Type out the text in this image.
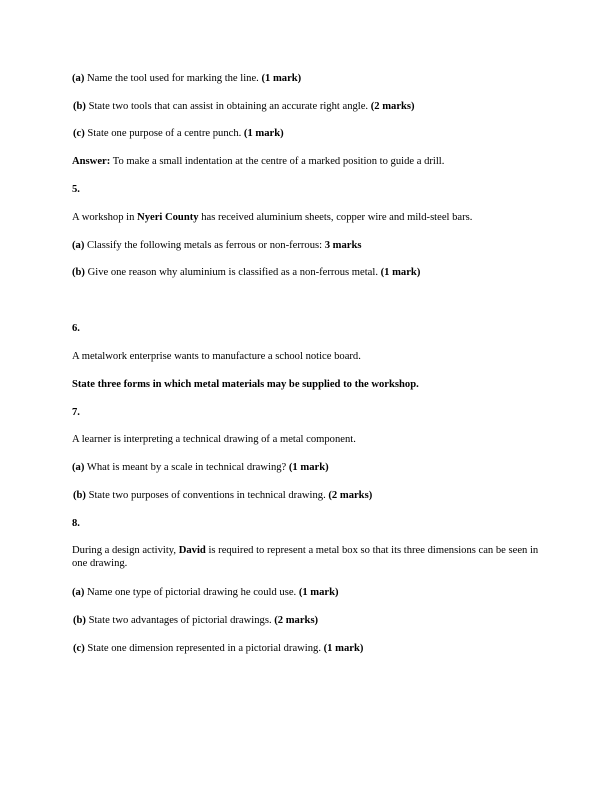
(a) Name the tool used for marking the line. (1 mark)
(b) State two tools that can assist in obtaining an accurate right angle. (2 marks)
(c) State one purpose of a centre punch. (1 mark)
Answer: To make a small indentation at the centre of a marked position to guide a drill.
5.
A workshop in Nyeri County has received aluminium sheets, copper wire and mild-steel bars.
(a) Classify the following metals as ferrous or non-ferrous: 3 marks
(b) Give one reason why aluminium is classified as a non-ferrous metal. (1 mark)
6.
A metalwork enterprise wants to manufacture a school notice board.
State three forms in which metal materials may be supplied to the workshop.
7.
A learner is interpreting a technical drawing of a metal component.
(a) What is meant by a scale in technical drawing? (1 mark)
(b) State two purposes of conventions in technical drawing. (2 marks)
8.
During a design activity, David is required to represent a metal box so that its three dimensions can be seen in one drawing.
(a) Name one type of pictorial drawing he could use. (1 mark)
(b) State two advantages of pictorial drawings. (2 marks)
(c) State one dimension represented in a pictorial drawing. (1 mark)
